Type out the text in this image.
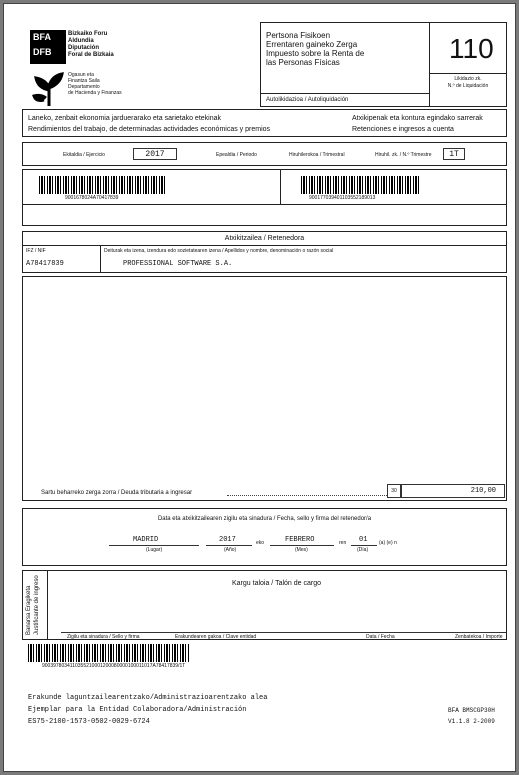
BFA
DFB
Bizkaiko Foru
Aldundia
Diputación
Foral de Bizkaia
Ogasun eta
Finantza Saila
Departamento
de Hacienda y Finanzas
Pertsona Fisikoen
Errentaren gaineko Zerga
Impuesto sobre la Renta de
las Personas Físicas	110
Likidazio zk.
N.º de Liquidación
Autolikidazioa / Autoliquidación
Laneko, zenbait ekonomia jarduerarako eta sarietako etekinak
Rendimientos del trabajo, de determinadas actividades económicas y premios
Atxikipenak eta kontura egindako sarrerak
Retenciones e ingresos a cuenta
Ekitaldia / Ejercicio	2017	Epealdia / Periodo	Hiruhilerokoa / Trimestral	Hiruhil. zk. / N.º Trimestre	1T
9001678024A70417839	900177039401103552189013
Atxikitzailea / Retenedora
IFZ / NIF	Deiturak eta izena, izendura edo sozietatearen izena / Apellidos y nombre, denominación o razón social
A78417839	PROFESSIONAL SOFTWARE S.A.
Sartu beharreko zerga zorra / Deuda tributaria a ingresar	30	210,00
Data eta atxikitzailearen zigilu eta sinadura / Fecha, sello y firma del retenedor/a
MADRID
(Lugar)
2017
(Año)
eko	FEBRERO
(Mes)
ren 01
(Día)
(a) (e) n
Banarsa Eragiketa Justificante de ingreso	Kargu taloia / Talón de cargo
Zigilu eta sinadura / Sello y firma	Erakundearen gakoa / Clave entidad	Data / Fecha	Zenbatekoa / Importe
9003978034110355210001200080000100011017A78417839/1T
Erakunde laguntzailearentzako/Administrazioarentzako alea
Ejemplar para la Entidad Colaboradora/Administración
ES75-2100-1573-0502-0029-6724
BFA BMSCGP30H
V1.1.8 2-2009
